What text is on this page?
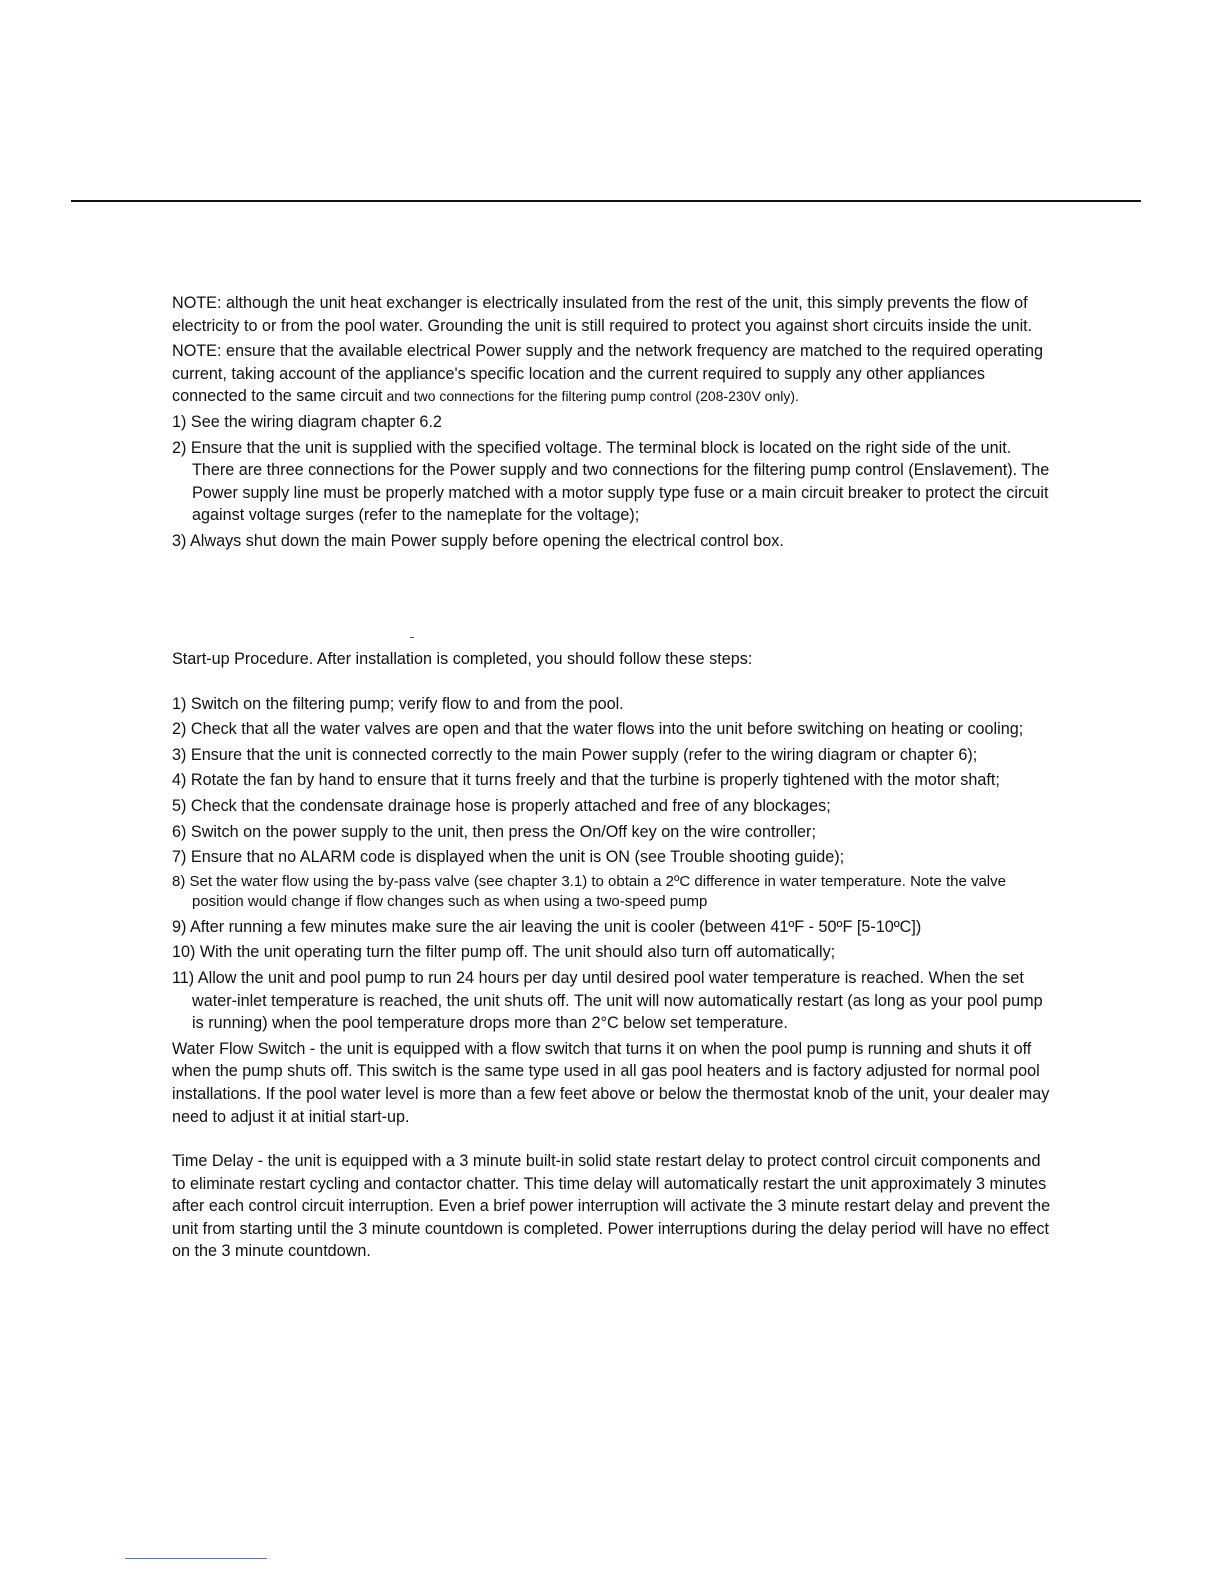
NOTE: although the unit heat exchanger is electrically insulated from the rest of the unit, this simply prevents the flow of electricity to or from the pool water. Grounding the unit is still required to protect you against short circuits inside the unit.

NOTE: ensure that the available electrical Power supply and the network frequency are matched to the required operating current, taking account of the appliance's specific location and the current required to supply any other appliances connected to the same circuit and two connections for the filtering pump control (208-230V only).

1) See the wiring diagram chapter 6.2

2) Ensure that the unit is supplied with the specified voltage. The terminal block is located on the right side of the unit. There are three connections for the Power supply and two connections for the filtering pump control (Enslavement). The Power supply line must be properly matched with a motor supply type fuse or a main circuit breaker to protect the circuit against voltage surges (refer to the nameplate for the voltage);

3) Always shut down the main Power supply before opening the electrical control box.

Start-up Procedure. After installation is completed, you should follow these steps:

1) Switch on the filtering pump; verify flow to and from the pool.

2) Check that all the water valves are open and that the water flows into the unit before switching on heating or cooling;

3) Ensure that the unit is connected correctly to the main Power supply (refer to the wiring diagram or chapter 6);

4) Rotate the fan by hand to ensure that it turns freely and that the turbine is properly tightened with the motor shaft;

5) Check that the condensate drainage hose is properly attached and free of any blockages;

6) Switch on the power supply to the unit, then press the On/Off key on the wire controller;

7) Ensure that no ALARM code is displayed when the unit is ON (see Trouble shooting guide);

8) Set the water flow using the by-pass valve (see chapter 3.1) to obtain a 2ºC difference in water temperature. Note the valve position would change if flow changes such as when using a two-speed pump

9) After running a few minutes make sure the air leaving the unit is cooler (between 41ºF - 50ºF [5-10ºC])

10) With the unit operating turn the filter pump off. The unit should also turn off automatically;

11) Allow the unit and pool pump to run 24 hours per day until desired pool water temperature is reached. When the set water-inlet temperature is reached, the unit shuts off. The unit will now automatically restart (as long as your pool pump is running) when the pool temperature drops more than 2°C below set temperature.

Water Flow Switch - the unit is equipped with a flow switch that turns it on when the pool pump is running and shuts it off when the pump shuts off. This switch is the same type used in all gas pool heaters and is factory adjusted for normal pool installations. If the pool water level is more than a few feet above or below the thermostat knob of the unit, your dealer may need to adjust it at initial start-up.

Time Delay - the unit is equipped with a 3 minute built-in solid state restart delay to protect control circuit components and to eliminate restart cycling and contactor chatter. This time delay will automatically restart the unit approximately 3 minutes after each control circuit interruption. Even a brief power interruption will activate the 3 minute restart delay and prevent the unit from starting until the 3 minute countdown is completed. Power interruptions during the delay period will have no effect on the 3 minute countdown.
